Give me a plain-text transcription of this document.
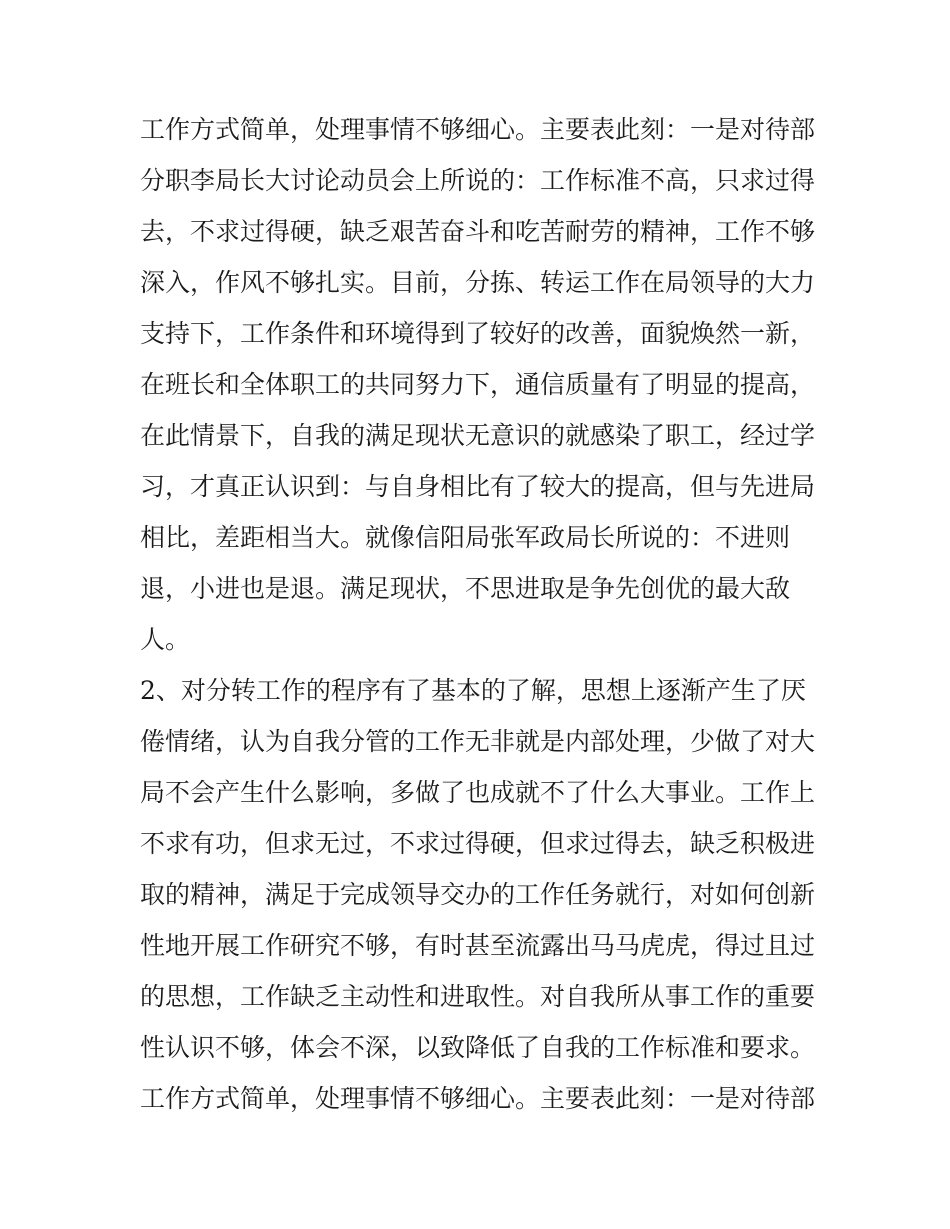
工作方式简单，处理事情不够细心。主要表此刻：一是对待部
分职李局长大讨论动员会上所说的：工作标准不高，只求过得
去，不求过得硬，缺乏艰苦奋斗和吃苦耐劳的精神，工作不够
深入，作风不够扎实。目前，分拣、转运工作在局领导的大力
支持下，工作条件和环境得到了较好的改善，面貌焕然一新，
在班长和全体职工的共同努力下，通信质量有了明显的提高，
在此情景下，自我的满足现状无意识的就感染了职工，经过学
习，才真正认识到：与自身相比有了较大的提高，但与先进局
相比，差距相当大。就像信阳局张军政局长所说的：不进则
退，小进也是退。满足现状，不思进取是争先创优的最大敌
人。
2、对分转工作的程序有了基本的了解，思想上逐渐产生了厌
倦情绪，认为自我分管的工作无非就是内部处理，少做了对大
局不会产生什么影响，多做了也成就不了什么大事业。工作上
不求有功，但求无过，不求过得硬，但求过得去，缺乏积极进
取的精神，满足于完成领导交办的工作任务就行，对如何创新
性地开展工作研究不够，有时甚至流露出马马虎虎，得过且过
的思想，工作缺乏主动性和进取性。对自我所从事工作的重要
性认识不够，体会不深，以致降低了自我的工作标准和要求。
工作方式简单，处理事情不够细心。主要表此刻：一是对待部
